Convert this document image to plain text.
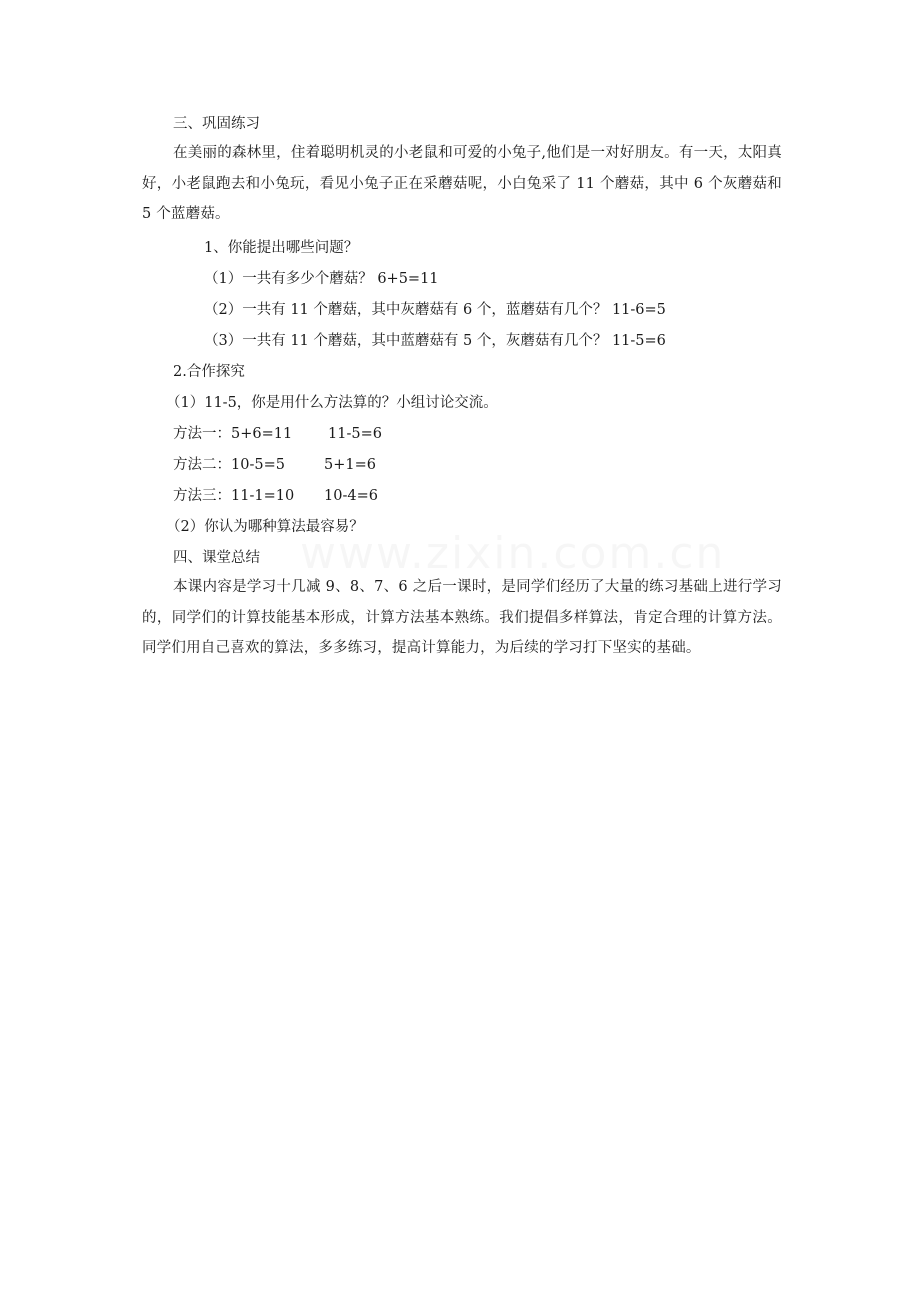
三、巩固练习
在美丽的森林里，住着聪明机灵的小老鼠和可爱的小兔子,他们是一对好朋友。有一天，太阳真好，小老鼠跑去和小兔玩，看见小兔子正在采蘑菇呢，小白兔采了 11 个蘑菇，其中 6 个灰蘑菇和 5 个蓝蘑菇。
1、你能提出哪些问题？
（1）一共有多少个蘑菇？ 6+5=11
（2）一共有 11 个蘑菇，其中灰蘑菇有 6 个，蓝蘑菇有几个？ 11-6=5
（3）一共有 11 个蘑菇，其中蓝蘑菇有 5 个，灰蘑菇有几个？ 11-5=6
2.合作探究
（1）11-5，你是用什么方法算的？小组讨论交流。
方法一：5+6=11 11-5=6
方法二：10-5=5	5+1=6
方法三：11-1=10 10-4=6
（2）你认为哪种算法最容易？
四、课堂总结
本课内容是学习十几减 9、8、7、6 之后一课时，是同学们经历了大量的练习基础上进行学习的，同学们的计算技能基本形成，计算方法基本熟练。我们提倡多样算法，肯定合理的计算方法。同学们用自己喜欢的算法，多多练习，提高计算能力，为后续的学习打下坚实的基础。
